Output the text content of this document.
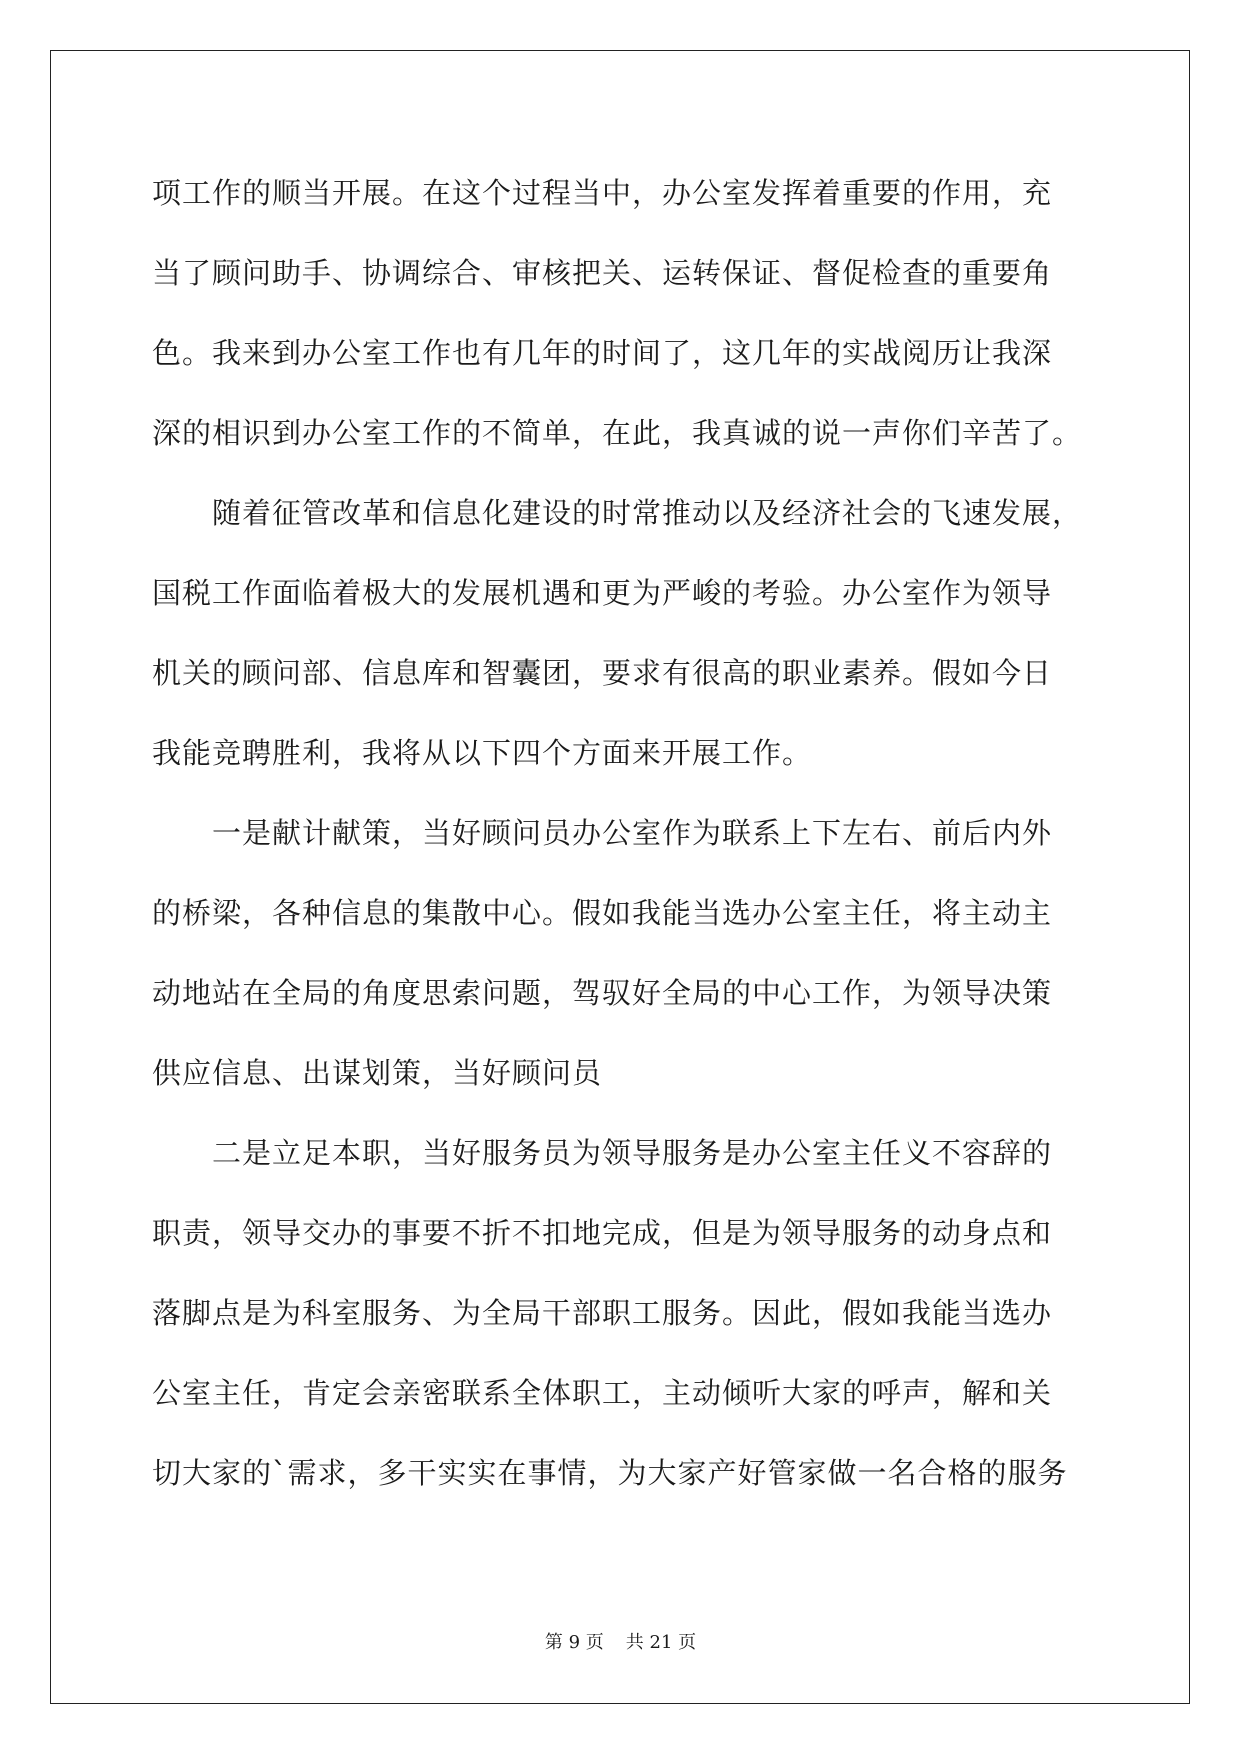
项工作的顺当开展。在这个过程当中，办公室发挥着重要的作用，充
当了顾问助手、协调综合、审核把关、运转保证、督促检查的重要角
色。我来到办公室工作也有几年的时间了，这几年的实战阅历让我深
深的相识到办公室工作的不简单，在此，我真诚的说一声你们辛苦了。
随着征管改革和信息化建设的时常推动以及经济社会的飞速发展，
国税工作面临着极大的发展机遇和更为严峻的考验。办公室作为领导
机关的顾问部、信息库和智囊团，要求有很高的职业素养。假如今日
我能竞聘胜利，我将从以下四个方面来开展工作。
一是献计献策，当好顾问员办公室作为联系上下左右、前后内外
的桥梁，各种信息的集散中心。假如我能当选办公室主任，将主动主
动地站在全局的角度思索问题，驾驭好全局的中心工作，为领导决策
供应信息、出谋划策，当好顾问员
二是立足本职，当好服务员为领导服务是办公室主任义不容辞的
职责，领导交办的事要不折不扣地完成，但是为领导服务的动身点和
落脚点是为科室服务、为全局干部职工服务。因此，假如我能当选办
公室主任，肯定会亲密联系全体职工，主动倾听大家的呼声，解和关
切大家的`需求，多干实实在事情，为大家产好管家做一名合格的服务
第 9 页 共 21 页
